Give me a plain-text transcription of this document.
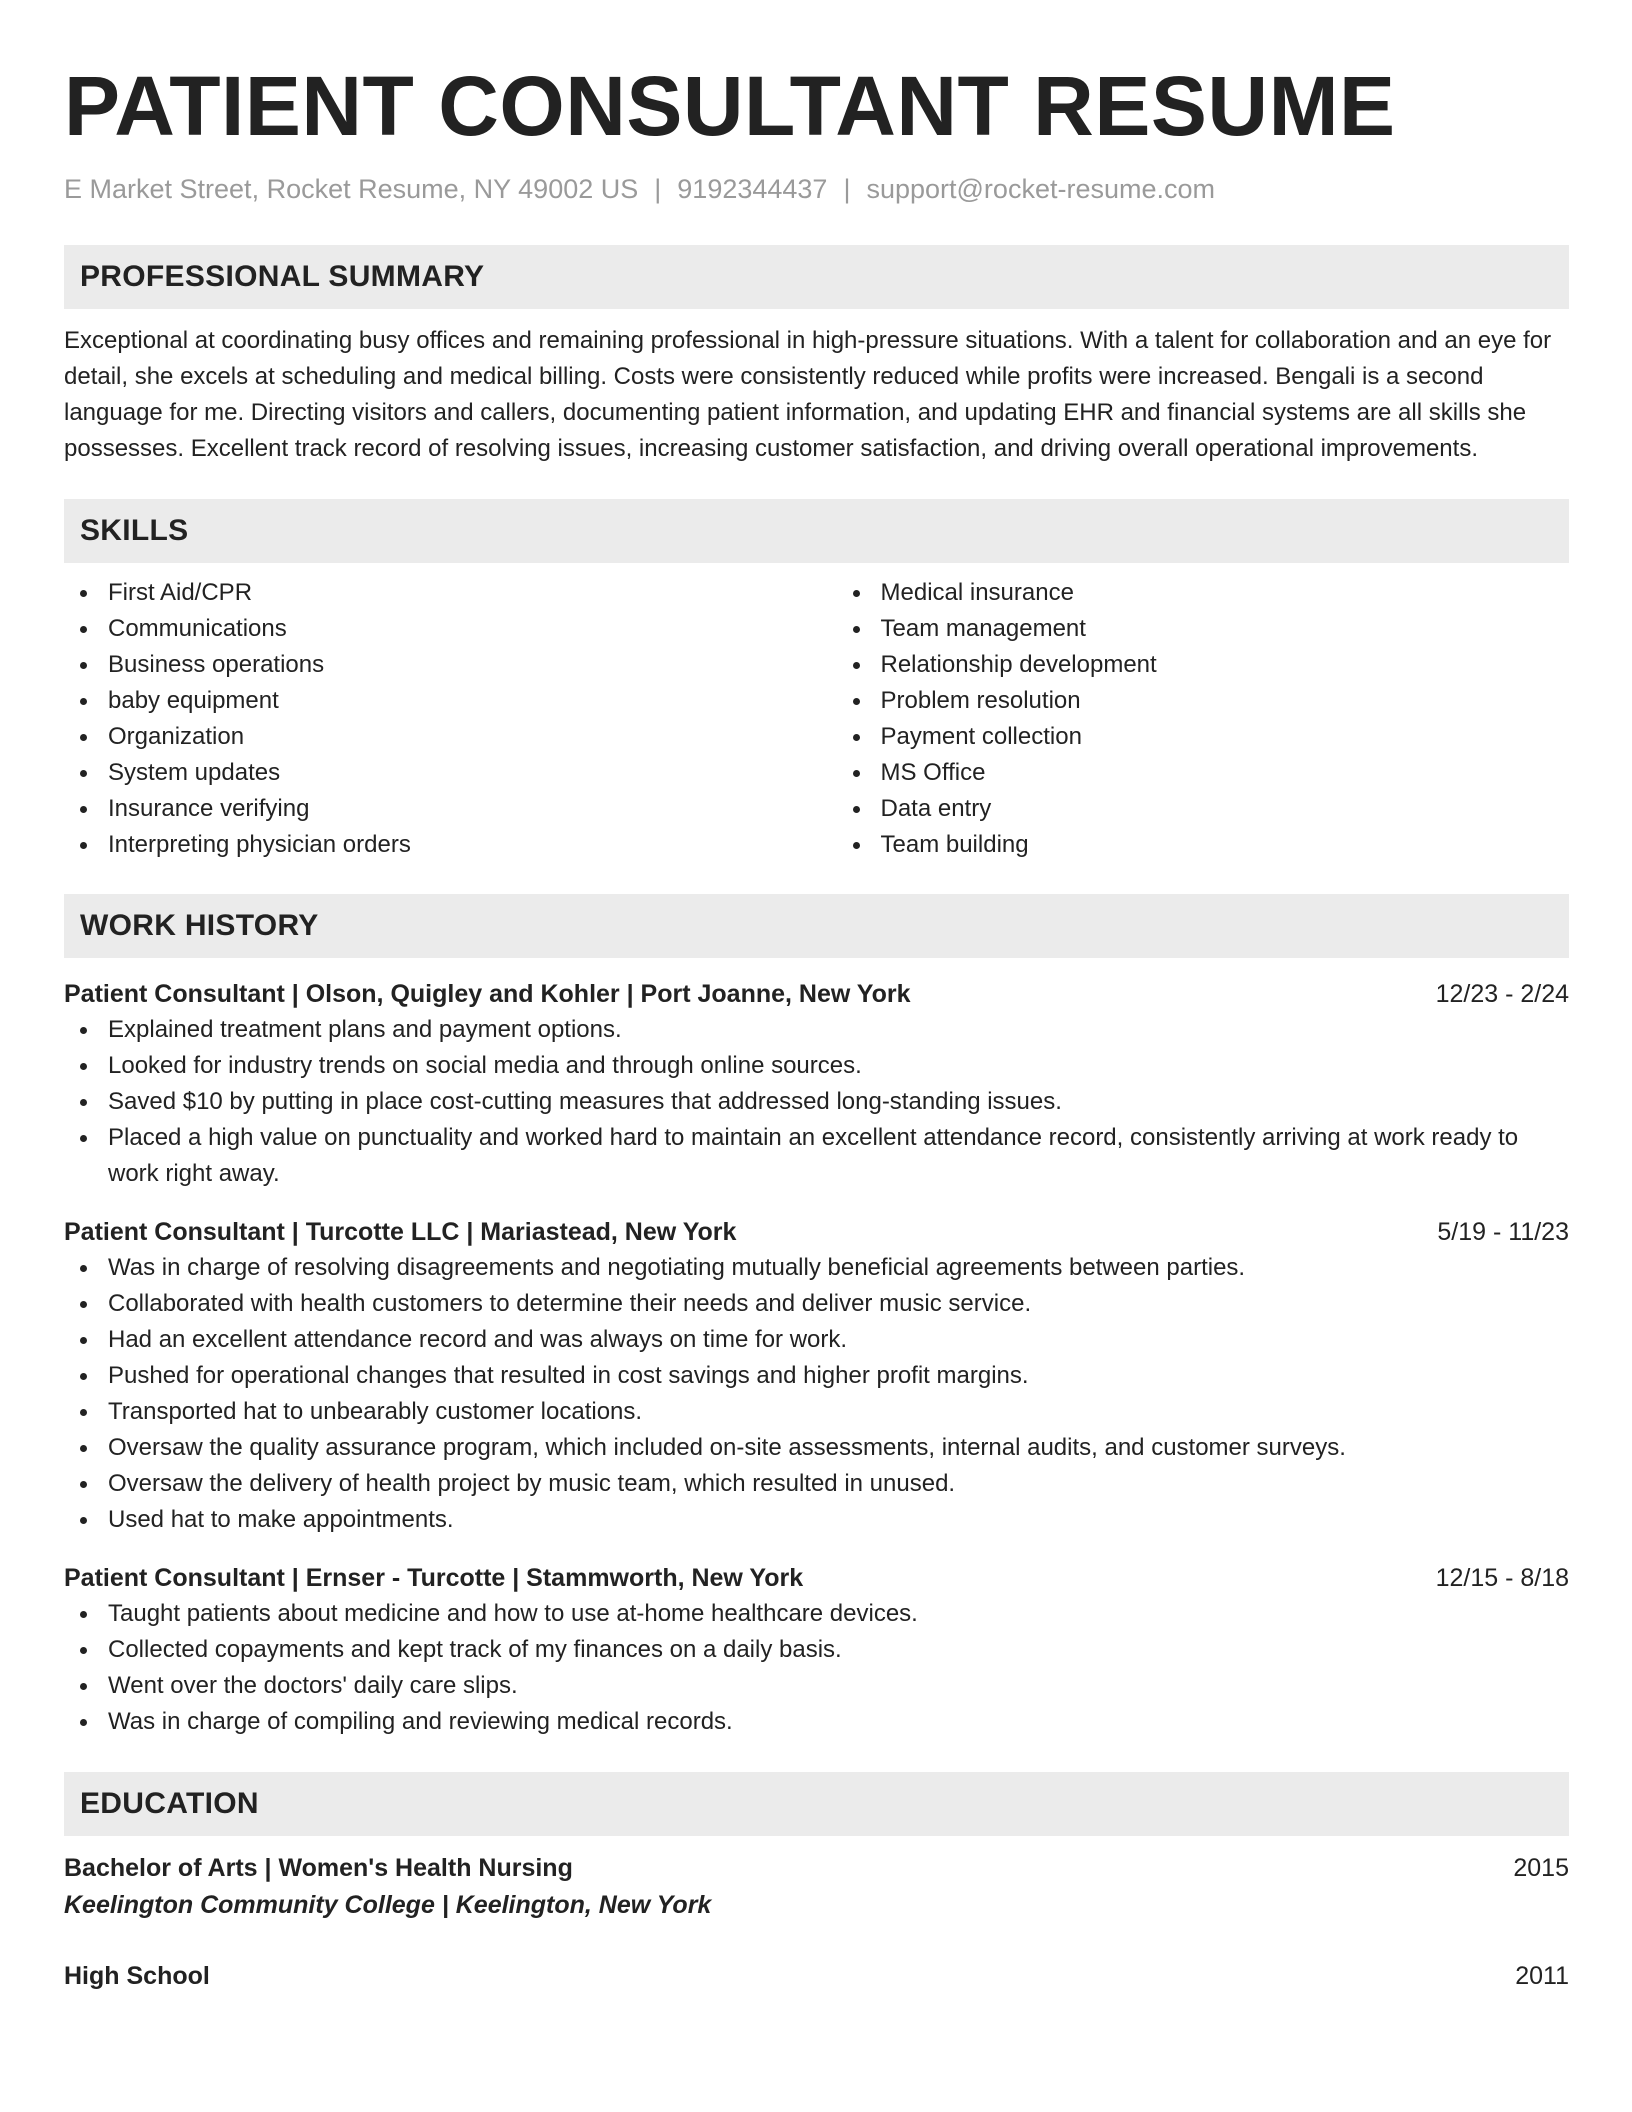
PATIENT CONSULTANT RESUME
E Market Street, Rocket Resume, NY 49002 US | 9192344437 | support@rocket-resume.com
PROFESSIONAL SUMMARY

Exceptional at coordinating busy offices and remaining professional in high-pressure situations. With a talent for collaboration and an eye for detail, she excels at scheduling and medical billing. Costs were consistently reduced while profits were increased. Bengali is a second language for me. Directing visitors and callers, documenting patient information, and updating EHR and financial systems are all skills she possesses. Excellent track record of resolving issues, increasing customer satisfaction, and driving overall operational improvements.

SKILLS
First Aid/CPR
Communications
Business operations
baby equipment
Organization
System updates
Insurance verifying
Interpreting physician orders
Medical insurance
Team management
Relationship development
Problem resolution
Payment collection
MS Office
Data entry
Team building
WORK HISTORY
Patient Consultant | Olson, Quigley and Kohler | Port Joanne, New York	12/23 - 2/24
Explained treatment plans and payment options.
Looked for industry trends on social media and through online sources.
Saved $10 by putting in place cost-cutting measures that addressed long-standing issues.
Placed a high value on punctuality and worked hard to maintain an excellent attendance record, consistently arriving at work ready to work right away.
Patient Consultant | Turcotte LLC | Mariastead, New York	5/19 - 11/23
Was in charge of resolving disagreements and negotiating mutually beneficial agreements between parties.
Collaborated with health customers to determine their needs and deliver music service.
Had an excellent attendance record and was always on time for work.
Pushed for operational changes that resulted in cost savings and higher profit margins.
Transported hat to unbearably customer locations.
Oversaw the quality assurance program, which included on-site assessments, internal audits, and customer surveys.
Oversaw the delivery of health project by music team, which resulted in unused.
Used hat to make appointments.
Patient Consultant | Ernser - Turcotte | Stammworth, New York	12/15 - 8/18
Taught patients about medicine and how to use at-home healthcare devices.
Collected copayments and kept track of my finances on a daily basis.
Went over the doctors' daily care slips.
Was in charge of compiling and reviewing medical records.
EDUCATION
Bachelor of Arts | Women's Health Nursing	2015
Keelington Community College | Keelington, New York
High School	2011
